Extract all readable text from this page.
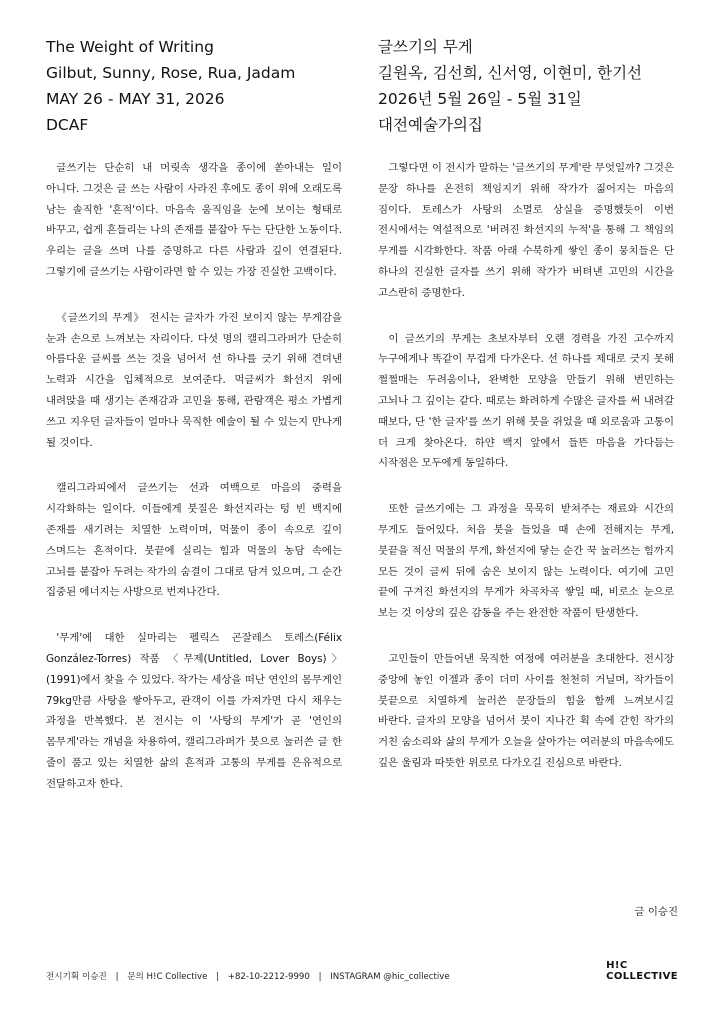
The Weight of Writing
Gilbut, Sunny, Rose, Rua, Jadam
MAY 26 - MAY 31, 2026
DCAF
글쓰기의 무게
길원옥, 김선희, 신서영, 이현미, 한기선
2026년 5월 26일 - 5월 31일
대전예술가의집

글쓰기는 단순히 내 머릿속 생각을 종이에 쏟아내는 일이 아니다. 그것은 글 쓰는 사람이 사라진 후에도 종이 위에 오래도록 남는 솔직한 '흔적'이다. 마음속 움직임을 눈에 보이는 형태로 바꾸고, 쉽게 흔들리는 나의 존재를 붙잡아 두는 단단한 노동이다. 우리는 글을 쓰며 나를 증명하고 다른 사람과 깊이 연결된다. 그렇기에 글쓰기는 사람이라면 할 수 있는 가장 진실한 고백이다.

《글쓰기의 무게》 전시는 글자가 가진 보이지 않는 무게감을 눈과 손으로 느껴보는 자리이다. 다섯 명의 캘리그라퍼가 단순히 아름다운 글씨를 쓰는 것을 넘어서 선 하나를 긋기 위해 견뎌낸 노력과 시간을 입체적으로 보여준다. 먹글씨가 화선지 위에 내려앉을 때 생기는 존재감과 고민을 통해, 관람객은 평소 가볍게 쓰고 지우던 글자들이 얼마나 묵직한 예술이 될 수 있는지 만나게 될 것이다.

캘리그라피에서 글쓰기는 선과 여백으로 마음의 중력을 시각화하는 일이다. 이들에게 붓질은 화선지라는 텅 빈 백지에 존재를 새기려는 치열한 노력이며, 먹물이 종이 속으로 깊이 스며드는 흔적이다. 붓끝에 실리는 힘과 먹물의 농담 속에는 고뇌를 붙잡아 두려는 작가의 숨결이 그대로 담겨 있으며, 그 순간 집중된 에너지는 사방으로 번져나간다.

'무게'에 대한 실마리는 펠릭스 곤잘레스 토레스(Félix González-Torres) 작품 〈무제(Untitled, Lover Boys)〉(1991)에서 찾을 수 있었다. 작가는 세상을 떠난 연인의 몸무게인 79kg만큼 사탕을 쌓아두고, 관객이 이를 가져가면 다시 채우는 과정을 반복했다. 본 전시는 이 '사탕의 무게'가 곧 '연인의 몸무게'라는 개념을 차용하여, 캘리그라퍼가 붓으로 눌러쓴 글 한 줄이 품고 있는 치열한 삶의 흔적과 고통의 무게를 은유적으로 전달하고자 한다.

그렇다면 이 전시가 말하는 '글쓰기의 무게'란 무엇일까? 그것은 문장 하나를 온전히 책임지기 위해 작가가 짊어지는 마음의 짐이다. 토레스가 사탕의 소멸로 상실을 증명했듯이 이번 전시에서는 역설적으로 '버려진 화선지의 누적'을 통해 그 책임의 무게를 시각화한다. 작품 아래 수북하게 쌓인 종이 뭉치들은 단 하나의 진실한 글자를 쓰기 위해 작가가 버텨낸 고민의 시간을 고스란히 증명한다.

이 글쓰기의 무게는 초보자부터 오랜 경력을 가진 고수까지 누구에게나 똑같이 무겁게 다가온다. 선 하나를 제대로 긋지 못해 쩔쩔매는 두려움이나, 완벽한 모양을 만들기 위해 번민하는 고뇌나 그 깊이는 같다. 때로는 화려하게 수많은 글자를 써 내려갈 때보다, 단 '한 글자'를 쓰기 위해 붓을 쥐었을 때 외로움과 고통이 더 크게 찾아온다. 하얀 백지 앞에서 들뜬 마음을 가다듬는 시작점은 모두에게 동일하다.

또한 글쓰기에는 그 과정을 묵묵히 받쳐주는 재료와 시간의 무게도 들어있다. 처음 붓을 들었을 때 손에 전해지는 무게, 붓끝을 적신 먹물의 무게, 화선지에 닿는 순간 꾹 눌러쓰는 힘까지 모든 것이 글씨 뒤에 숨은 보이지 않는 노력이다. 여기에 고민 끝에 구겨진 화선지의 무게가 차곡차곡 쌓일 때, 비로소 눈으로 보는 것 이상의 깊은 감동을 주는 완전한 작품이 탄생한다.

고민들이 만들어낸 묵직한 여정에 여러분을 초대한다. 전시장 중앙에 놓인 이젤과 종이 더미 사이를 천천히 거닐며, 작가들이 붓끝으로 치열하게 눌러쓴 문장들의 힘을 함께 느껴보시길 바란다. 글자의 모양을 넘어서 붓이 지나간 획 속에 갇힌 작가의 거친 숨소리와 삶의 무게가 오늘을 살아가는 여러분의 마음속에도 깊은 울림과 따뜻한 위로로 다가오길 진심으로 바란다.

글 이승진
전시기획 이승진 | 문의 H!C Collective | +82-10-2212-9990 | INSTAGRAM @hic_collective
H!C
COLLECTIVE
